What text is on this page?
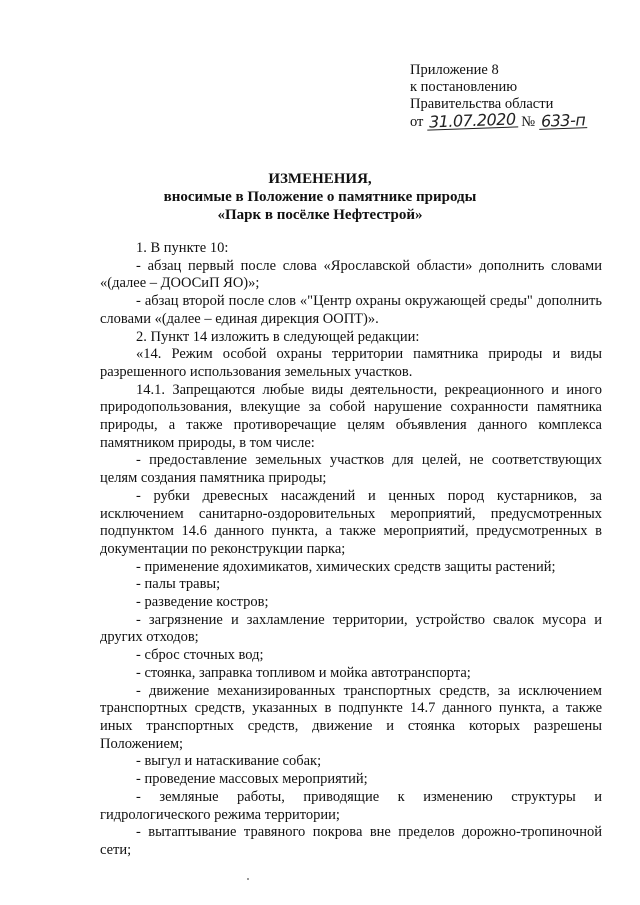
Приложение 8
к постановлению
Правительства области
от 31.07.2020 № 633-п
ИЗМЕНЕНИЯ,
вносимые в Положение о памятнике природы
«Парк в посёлке Нефтестрой»

1. В пункте 10:

- абзац первый после слова «Ярославской области» дополнить словами «(далее – ДООСиП ЯО)»;

- абзац второй после слов «"Центр охраны окружающей среды" дополнить словами «(далее – единая дирекция ООПТ)».

2. Пункт 14 изложить в следующей редакции:

«14. Режим особой охраны территории памятника природы и виды разрешенного использования земельных участков.

14.1. Запрещаются любые виды деятельности, рекреационного и иного природопользования, влекущие за собой нарушение сохранности памятника природы, а также противоречащие целям объявления данного комплекса памятником природы, в том числе:

- предоставление земельных участков для целей, не соответствующих целям создания памятника природы;

- рубки древесных насаждений и ценных пород кустарников, за исключением санитарно-оздоровительных мероприятий, предусмотренных подпунктом 14.6 данного пункта, а также мероприятий, предусмотренных в документации по реконструкции парка;

- применение ядохимикатов, химических средств защиты растений;

- палы травы;

- разведение костров;

- загрязнение и захламление территории, устройство свалок мусора и других отходов;

- сброс сточных вод;

- стоянка, заправка топливом и мойка автотранспорта;

- движение механизированных транспортных средств, за исключением транспортных средств, указанных в подпункте 14.7 данного пункта, а также иных транспортных средств, движение и стоянка которых разрешены Положением;

- выгул и натаскивание собак;

- проведение массовых мероприятий;

- земляные работы, приводящие к изменению структуры и гидрологического режима территории;

- вытаптывание травяного покрова вне пределов дорожно-тропиночной сети;
